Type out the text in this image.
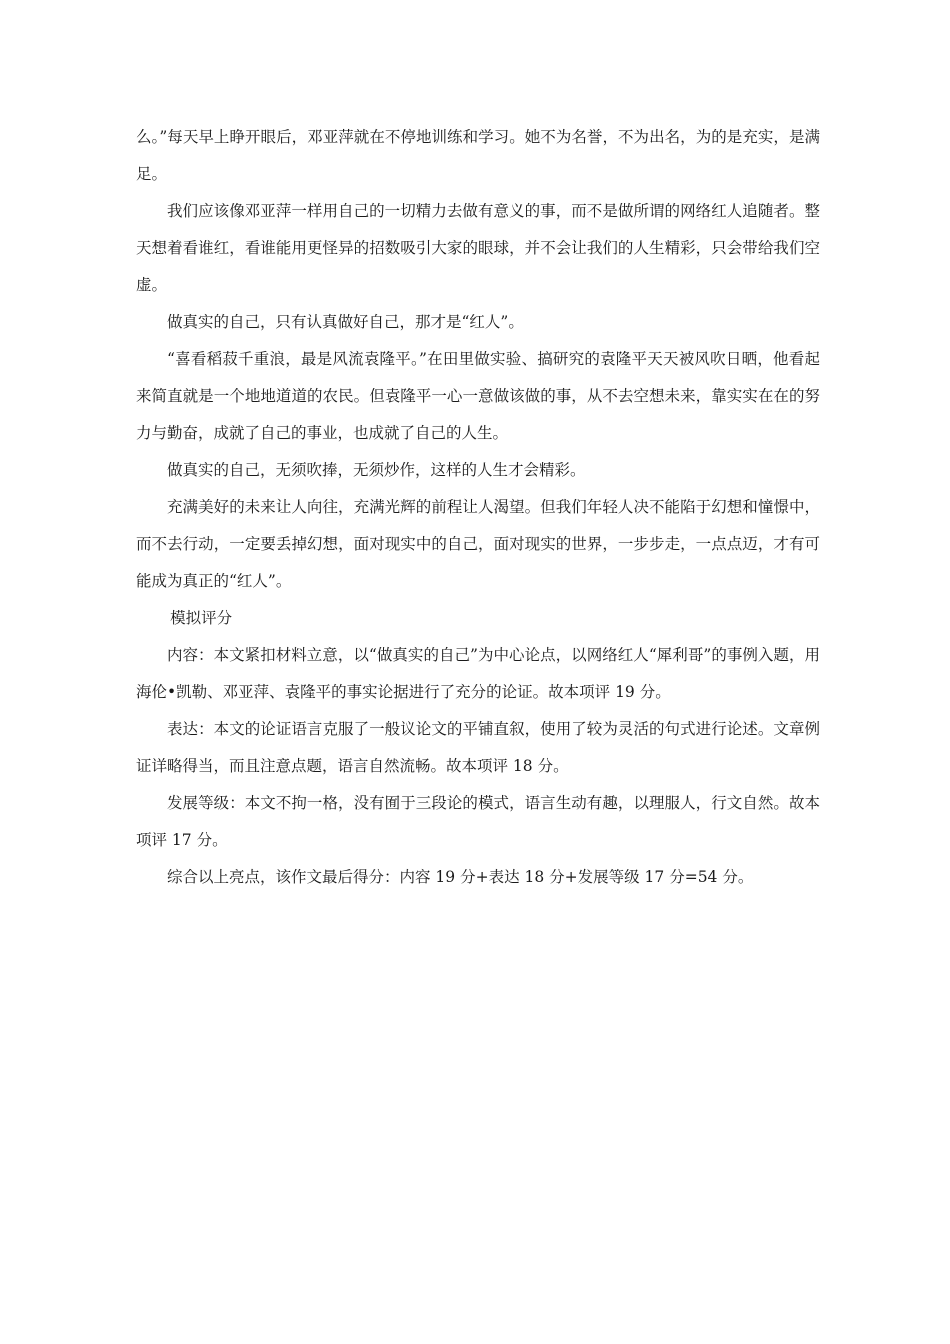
么。”每天早上睁开眼后，邓亚萍就在不停地训练和学习。她不为名誉，不为出名，为的是充实，是满足。

我们应该像邓亚萍一样用自己的一切精力去做有意义的事，而不是做所谓的网络红人追随者。整天想着看谁红，看谁能用更怪异的招数吸引大家的眼球，并不会让我们的人生精彩，只会带给我们空虚。

做真实的自己，只有认真做好自己，那才是“红人”。

“喜看稻菽千重浪，最是风流袁隆平。”在田里做实验、搞研究的袁隆平天天被风吹日晒，他看起来简直就是一个地地道道的农民。但袁隆平一心一意做该做的事，从不去空想未来，靠实实在在的努力与勤奋，成就了自己的事业，也成就了自己的人生。

做真实的自己，无须吹捧，无须炒作，这样的人生才会精彩。

充满美好的未来让人向往，充满光辉的前程让人渴望。但我们年轻人决不能陷于幻想和憧憬中，而不去行动，一定要丢掉幻想，面对现实中的自己，面对现实的世界，一步步走，一点点迈，才有可能成为真正的“红人”。

模拟评分

内容：本文紧扣材料立意，以“做真实的自己”为中心论点，以网络红人“犀利哥”的事例入题，用海伦•凯勒、邓亚萍、袁隆平的事实论据进行了充分的论证。故本项评 19 分。

表达：本文的论证语言克服了一般议论文的平铺直叙，使用了较为灵活的句式进行论述。文章例证详略得当，而且注意点题，语言自然流畅。故本项评 18 分。

发展等级：本文不拘一格，没有囿于三段论的模式，语言生动有趣，以理服人，行文自然。故本项评 17 分。

综合以上亮点，该作文最后得分：内容 19 分+表达 18 分+发展等级 17 分=54 分。
